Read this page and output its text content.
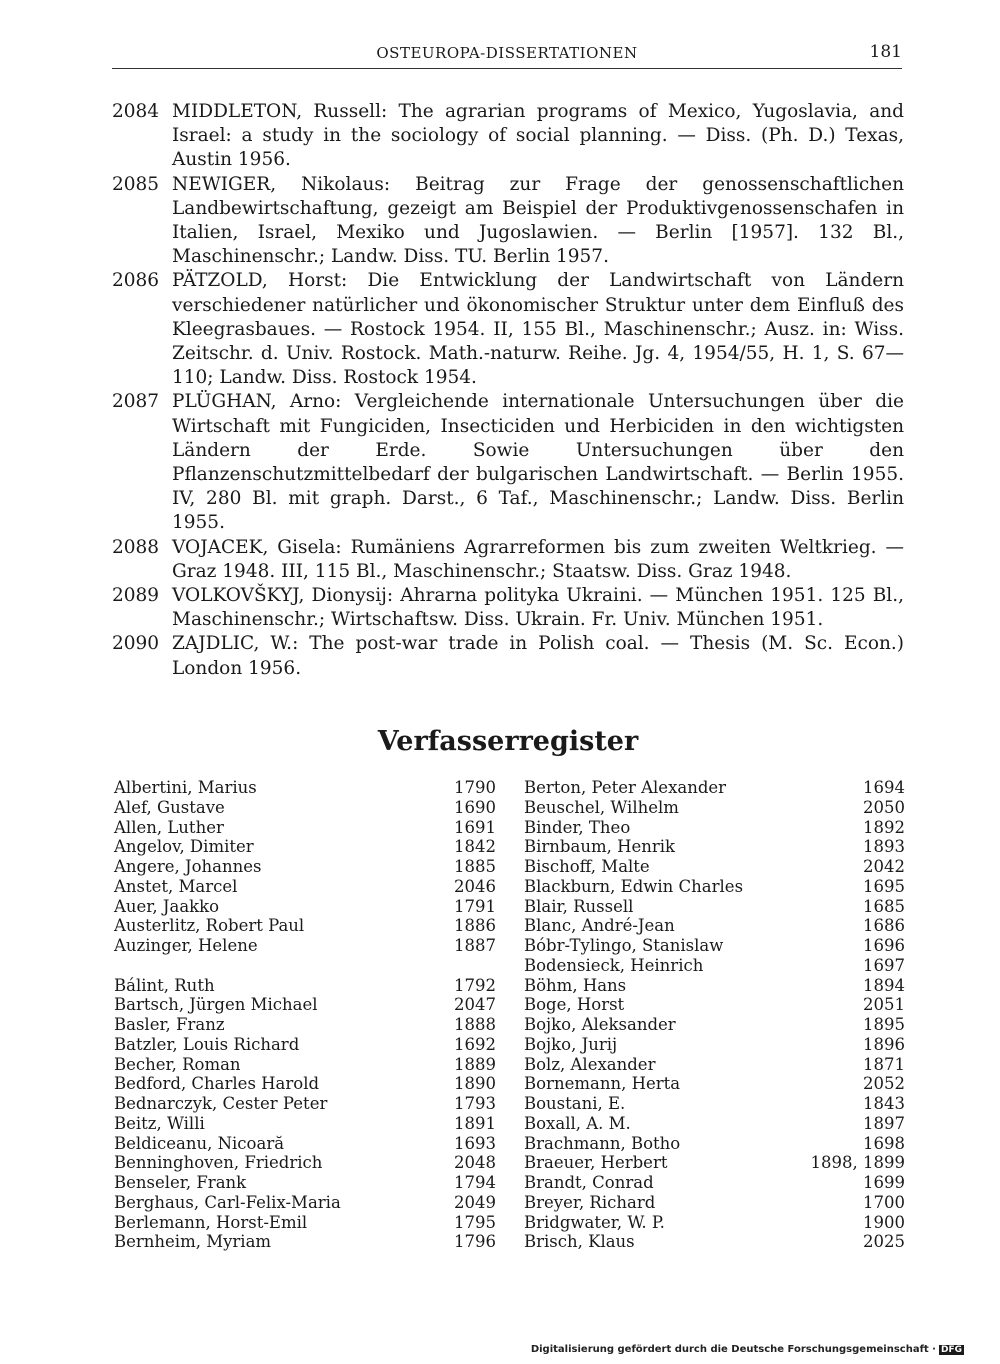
OSTEUROPA-DISSERTATIONEN	181
2084 MIDDLETON, Russell: The agrarian programs of Mexico, Yugoslavia, and Israel: a study in the sociology of social planning. — Diss. (Ph. D.) Texas, Austin 1956.
2085 NEWIGER, Nikolaus: Beitrag zur Frage der genossenschaftlichen Landbewirtschaftung, gezeigt am Beispiel der Produktivgenossenschafen in Italien, Israel, Mexiko und Jugoslawien. — Berlin [1957]. 132 Bl., Maschinenschr.; Landw. Diss. TU. Berlin 1957.
2086 PÄTZOLD, Horst: Die Entwicklung der Landwirtschaft von Ländern verschiedener natürlicher und ökonomischer Struktur unter dem Einfluß des Kleegrasbaues. — Rostock 1954. II, 155 Bl., Maschinenschr.; Ausz. in: Wiss. Zeitschr. d. Univ. Rostock. Math.-naturw. Reihe. Jg. 4, 1954/55, H. 1, S. 67—110; Landw. Diss. Rostock 1954.
2087 PLÜGHAN, Arno: Vergleichende internationale Untersuchungen über die Wirtschaft mit Fungiciden, Insecticiden und Herbiciden in den wichtigsten Ländern der Erde. Sowie Untersuchungen über den Pflanzenschutzmittelbedarf der bulgarischen Landwirtschaft. — Berlin 1955. IV, 280 Bl. mit graph. Darst., 6 Taf., Maschinenschr.; Landw. Diss. Berlin 1955.
2088 VOJACEK, Gisela: Rumäniens Agrarreformen bis zum zweiten Weltkrieg. — Graz 1948. III, 115 Bl., Maschinenschr.; Staatsw. Diss. Graz 1948.
2089 VOLKOVŠKYJ, Dionysij: Ahrarna polityka Ukraini. — München 1951. 125 Bl., Maschinenschr.; Wirtschaftsw. Diss. Ukrain. Fr. Univ. München 1951.
2090 ZAJDLIC, W.: The post-war trade in Polish coal. — Thesis (M. Sc. Econ.) London 1956.
Verfasserregister
Albertini, Marius	1790
Alef, Gustave	1690
Allen, Luther	1691
Angelov, Dimiter	1842
Angere, Johannes	1885
Anstet, Marcel	2046
Auer, Jaakko	1791
Austerlitz, Robert Paul	1886
Auzinger, Helene	1887
Bálint, Ruth	1792
Bartsch, Jürgen Michael	2047
Basler, Franz	1888
Batzler, Louis Richard	1692
Becher, Roman	1889
Bedford, Charles Harold	1890
Bednarczyk, Cester Peter	1793
Beitz, Willi	1891
Beldiceanu, Nicoară	1693
Benninghoven, Friedrich	2048
Benseler, Frank	1794
Berghaus, Carl-Felix-Maria	2049
Berlemann, Horst-Emil	1795
Bernheim, Myriam	1796
Berton, Peter Alexander	1694
Beuschel, Wilhelm	2050
Binder, Theo	1892
Birnbaum, Henrik	1893
Bischoff, Malte	2042
Blackburn, Edwin Charles	1695
Blair, Russell	1685
Blanc, André-Jean	1686
Bóbr-Tylingo, Stanislaw	1696
Bodensieck, Heinrich	1697
Böhm, Hans	1894
Boge, Horst	2051
Bojko, Aleksander	1895
Bojko, Jurij	1896
Bolz, Alexander	1871
Bornemann, Herta	2052
Boustani, E.	1843
Boxall, A. M.	1897
Brachmann, Botho	1698
Braeuer, Herbert	1898, 1899
Brandt, Conrad	1699
Breyer, Richard	1700
Bridgwater, W. P.	1900
Brisch, Klaus	2025
Digitalisierung gefördert durch die Deutsche Forschungsgemeinschaft · DFG
